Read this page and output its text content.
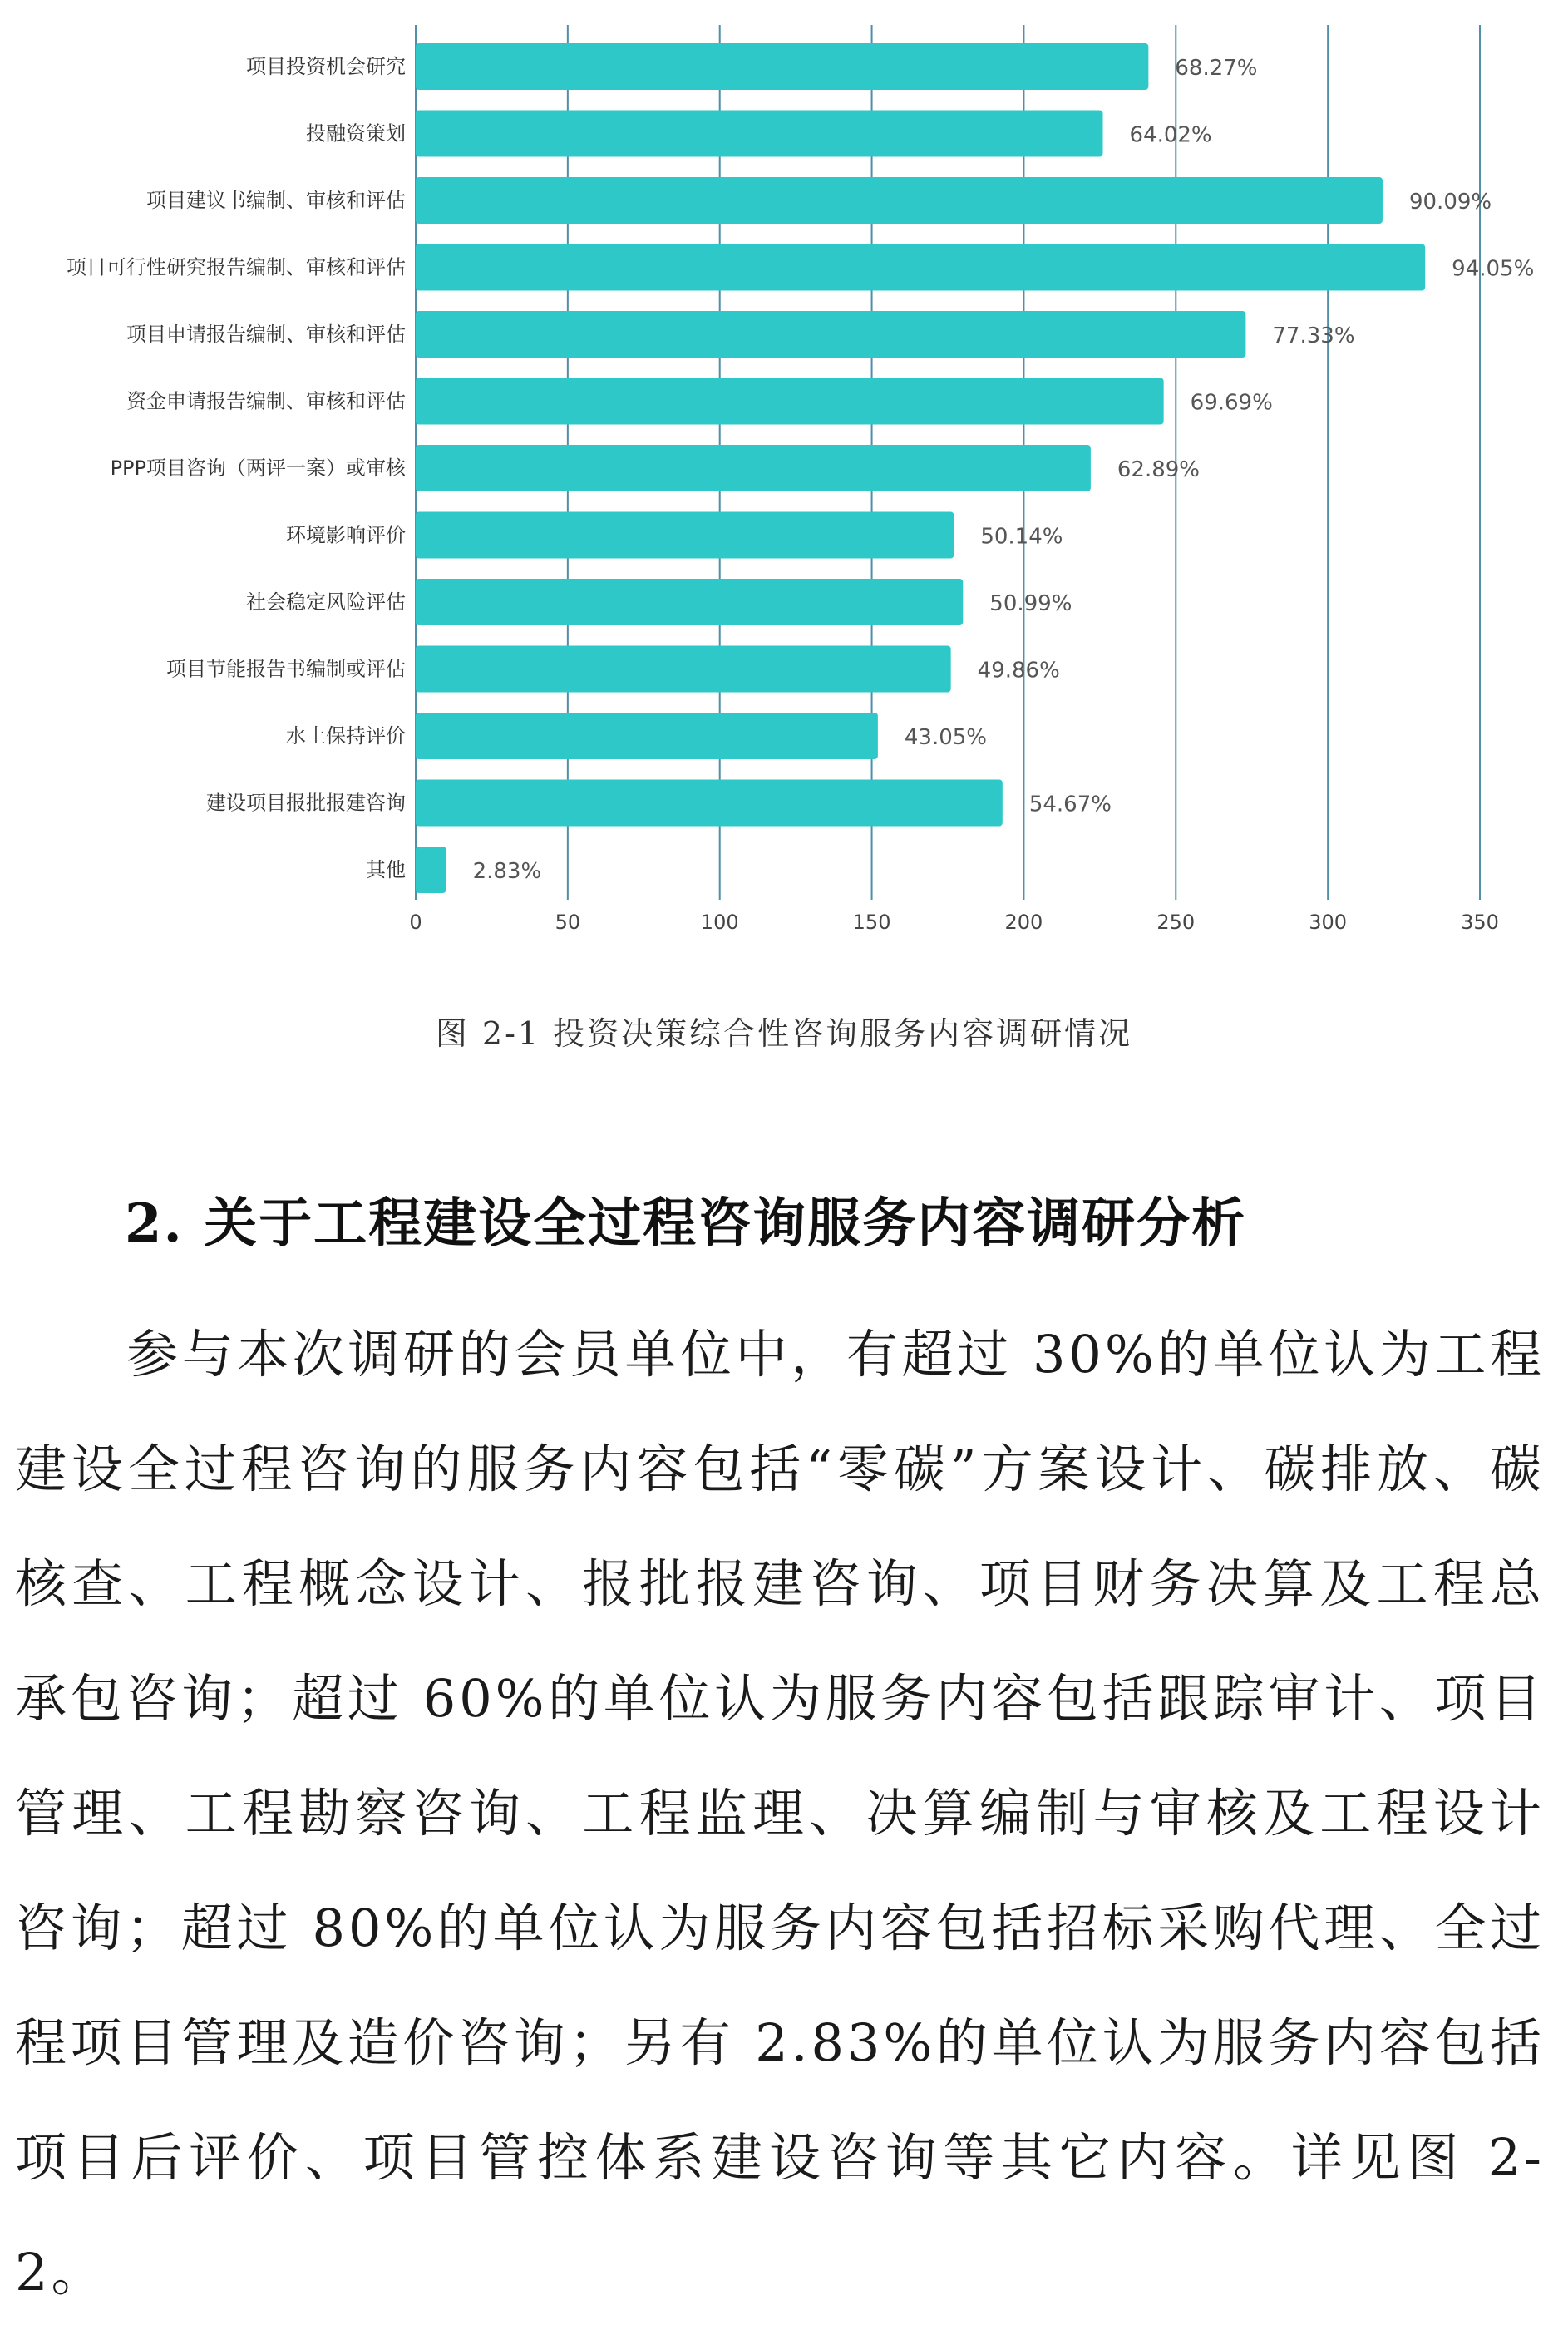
项目投资机会研究	68.27%
投融资策划	64.02%
项目建议书编制、审核和评估	90.09%
项目可行性研究报告编制、审核和评估	94.05%
项目申请报告编制、审核和评估	77.33%
资金申请报告编制、审核和评估	69.69%
PPP项目咨询（两评一案）或审核	62.89%
环境影响评价	50.14%
社会稳定风险评估	50.99%
项目节能报告书编制或评估	49.86%
水土保持评价	43.05%
建设项目报批报建咨询	54.67%
其他	2.83%
0	50	100	150	200	250	300	350
图 2-1 投资决策综合性咨询服务内容调研情况
2. 关于工程建设全过程咨询服务内容调研分析

参与本次调研的会员单位中，有超过 30%的单位认为工程建设全过程咨询的服务内容包括“零碳”方案设计、碳排放、碳核查、工程概念设计、报批报建咨询、项目财务决算及工程总承包咨询；超过 60%的单位认为服务内容包括跟踪审计、项目管理、工程勘察咨询、工程监理、决算编制与审核及工程设计咨询；超过 80%的单位认为服务内容包括招标采购代理、全过程项目管理及造价咨询；另有 2.83%的单位认为服务内容包括项目后评价、项目管控体系建设咨询等其它内容。详见图 2-2。
